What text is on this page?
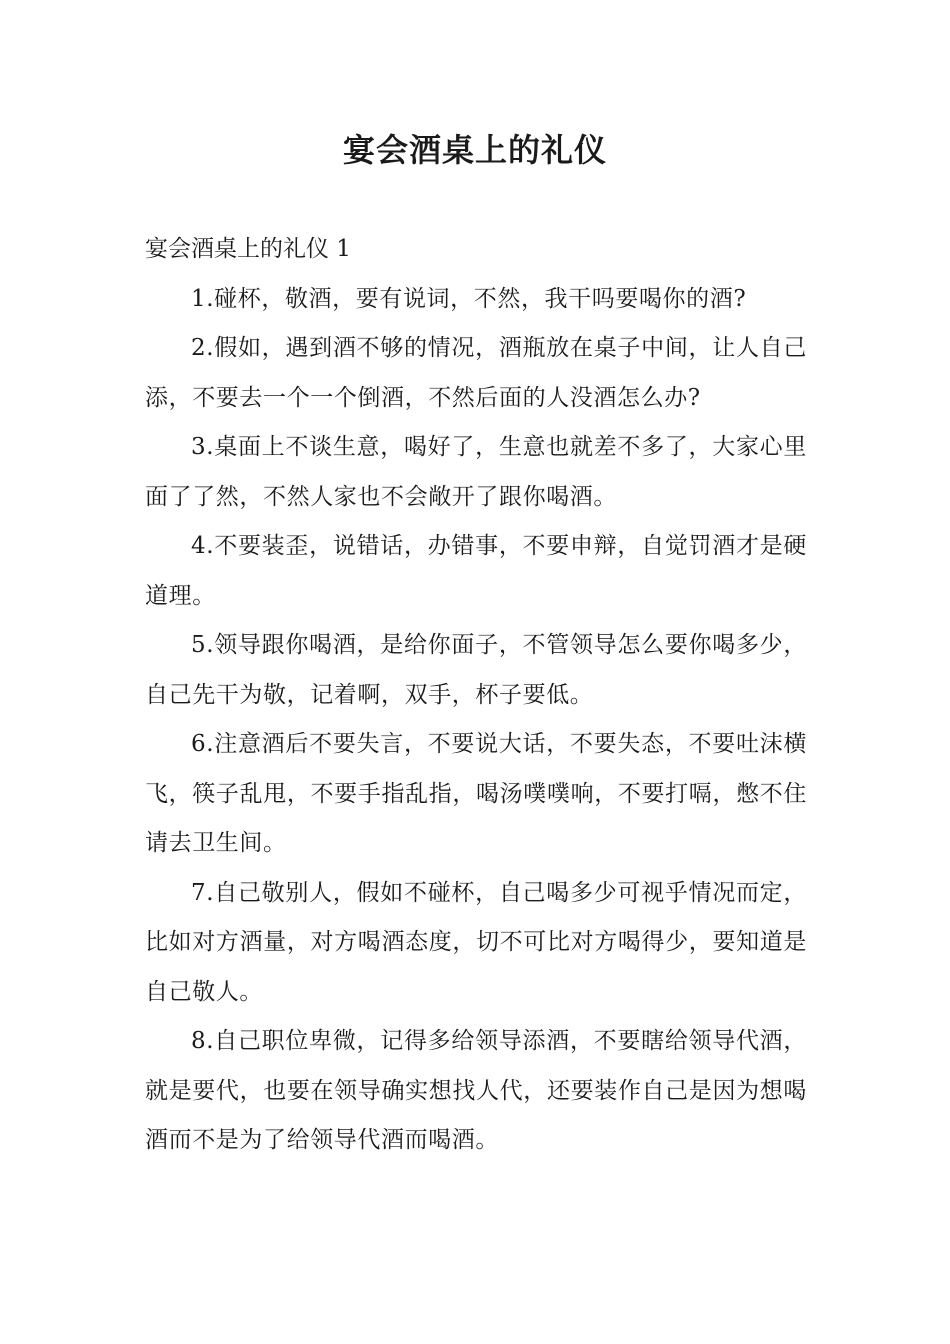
宴会酒桌上的礼仪

宴会酒桌上的礼仪 1

1.碰杯，敬酒，要有说词，不然，我干吗要喝你的酒?

2.假如，遇到酒不够的情况，酒瓶放在桌子中间，让人自己添，不要去一个一个倒酒，不然后面的人没酒怎么办?

3.桌面上不谈生意，喝好了，生意也就差不多了，大家心里面了了然，不然人家也不会敞开了跟你喝酒。

4.不要装歪，说错话，办错事，不要申辩，自觉罚酒才是硬道理。

5.领导跟你喝酒，是给你面子，不管领导怎么要你喝多少，自己先干为敬，记着啊，双手，杯子要低。

6.注意酒后不要失言，不要说大话，不要失态，不要吐沫横飞，筷子乱甩，不要手指乱指，喝汤噗噗响，不要打嗝，憋不住请去卫生间。

7.自己敬别人，假如不碰杯，自己喝多少可视乎情况而定，比如对方酒量，对方喝酒态度，切不可比对方喝得少，要知道是自己敬人。

8.自己职位卑微，记得多给领导添酒，不要瞎给领导代酒，就是要代，也要在领导确实想找人代，还要装作自己是因为想喝酒而不是为了给领导代酒而喝酒。
